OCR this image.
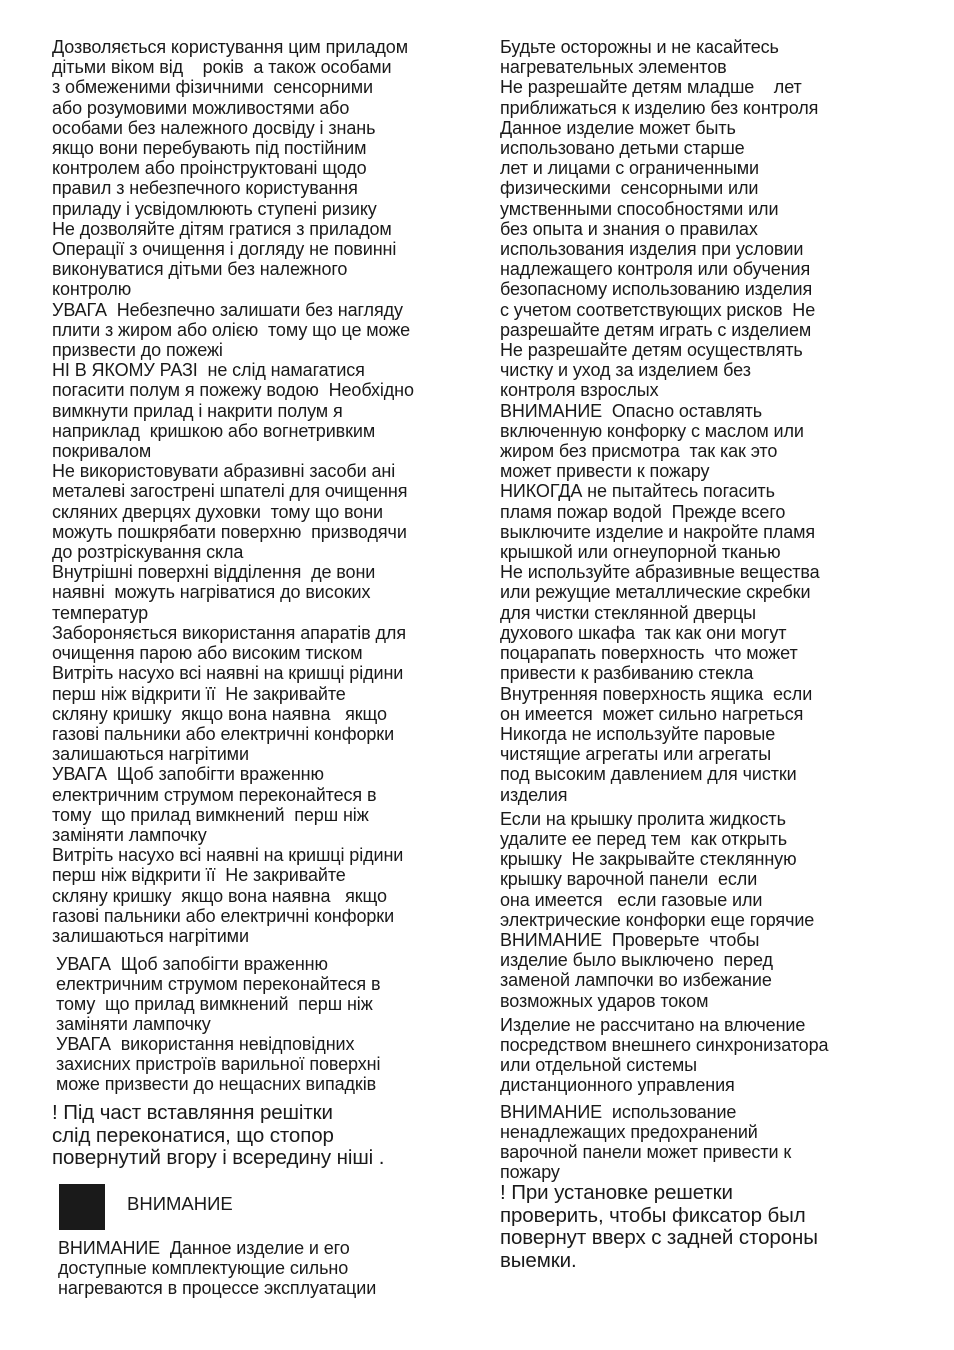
Дозволяється користування цим приладом
дітьми віком від    років  а також особами
з обмеженими фізичними  сенсорними
або розумовими можливостями або
особами без належного досвіду і знань
якщо вони перебувають під постійним
контролем або проінструктовані щодо
правил з небезпечного користування
приладу і усвідомлюють ступені ризику
Не дозволяйте дітям гратися з приладом
Операції з очищення і догляду не повинні
виконуватися дітьми без належного
контролю
УВАГА  Небезпечно залишати без нагляду
плити з жиром або олією  тому що це може
призвести до пожежі
НІ В ЯКОМУ РАЗІ  не слід намагатися
погасити полум я пожежу водою  Необхідно
вимкнути прилад і накрити полум я
наприклад  кришкою або вогнетривким
покривалом
Не використовувати абразивні засоби ані
металеві загострені шпателі для очищення
скляних дверцях духовки  тому що вони
можуть пошкрябати поверхню  призводячи
до розтріскування скла
Внутрішні поверхні відділення  де вони
наявні  можуть нагріватися до високих
температур
Забороняється використання апаратів для
очищення парою або високим тиском
Витріть насухо всі наявні на кришці рідини
перш ніж відкрити її  Не закривайте
скляну кришку  якщо вона наявна   якщо
газові пальники або електричні конфорки
залишаються нагрітими
УВАГА  Щоб запобігти враженню
електричним струмом переконайтеся в
тому  що прилад вимкнений  перш ніж
заміняти лампочку
Витріть насухо всі наявні на кришці рідини
перш ніж відкрити її  Не закривайте
скляну кришку  якщо вона наявна   якщо
газові пальники або електричні конфорки
залишаються нагрітими

УВАГА  Щоб запобігти враженню
електричним струмом переконайтеся в
тому  що прилад вимкнений  перш ніж
заміняти лампочку
УВАГА  використання невідповідних
захисних пристроїв варильної поверхні
може призвести до нещасних випадків

! Під част вставляння решітки
слід переконатися, що стопор
повернутий вгору і всередину ніші .

ВНИМАНИЕ

ВНИМАНИЕ  Данное изделие и его
доступные комплектующие сильно
нагреваются в процессе эксплуатации

Будьте осторожны и не касайтесь
нагревательных элементов
Не разрешайте детям младше    лет
приближаться к изделию без контроля
Данное изделие может быть
использовано детьми старше
лет и лицами с ограниченными
физическими  сенсорными или
умственными способностями или
без опыта и знания о правилах
использования изделия при условии
надлежащего контроля или обучения
безопасному использованию изделия
с учетом соответствующих рисков  Не
разрешайте детям играть с изделием
Не разрешайте детям осуществлять
чистку и уход за изделием без
контроля взрослых
ВНИМАНИЕ  Опасно оставлять
включенную конфорку с маслом или
жиром без присмотра  так как это
может привести к пожару
НИКОГДА не пытайтесь погасить
пламя пожар водой  Прежде всего
выключите изделие и накройте пламя
крышкой или огнеупорной тканью
Не используйте абразивные вещества
или режущие металлические скребки
для чистки стеклянной дверцы
духового шкафа  так как они могут
поцарапать поверхность  что может
привести к разбиванию стекла
Внутренняя поверхность ящика  если
он имеется  может сильно нагреться
Никогда не используйте паровые
чистящие агрегаты или агрегаты
под высоким давлением для чистки
изделия

Если на крышку пролита жидкость
удалите ее перед тем  как открыть
крышку  Не закрывайте стеклянную
крышку варочной панели  если
она имеется   если газовые или
электрические конфорки еще горячие
ВНИМАНИЕ  Проверьте  чтобы
изделие было выключено  перед
заменой лампочки во избежание
возможных ударов током

Изделие не рассчитано на влючение
посредством внешнего синхронизатора
или отдельной системы
дистанционного управления

ВНИМАНИЕ  использование
ненадлежащих предохранений
варочной панели может привести к
пожару

! При установке решетки
проверить, чтобы фиксатор был
повернут вверх с задней стороны
выемки.
